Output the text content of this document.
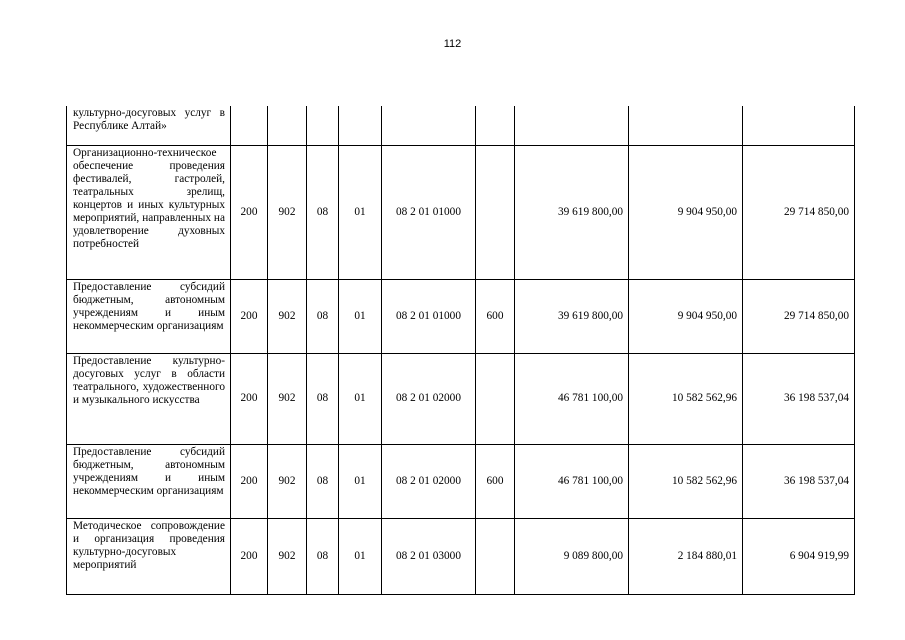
112
культурно-досуговых услуг в Республике Алтай»									
Организационно-техническое обеспечение проведения фестивалей, гастролей, театральных зрелищ, концертов и иных культурных мероприятий, направленных на удовлетворение духовных потребностей	200	902	08	01	08 2 01 01000		39 619 800,00	9 904 950,00	29 714 850,00
Предоставление субсидий бюджетным, автономным учреждениям и иным некоммерческим организациям	200	902	08	01	08 2 01 01000	600	39 619 800,00	9 904 950,00	29 714 850,00
Предоставление культурно-досуговых услуг в области театрального, художественного и музыкального искусства	200	902	08	01	08 2 01 02000		46 781 100,00	10 582 562,96	36 198 537,04
Предоставление субсидий бюджетным, автономным учреждениям и иным некоммерческим организациям	200	902	08	01	08 2 01 02000	600	46 781 100,00	10 582 562,96	36 198 537,04
Методическое сопровождение и организация проведения культурно-досуговых мероприятий	200	902	08	01	08 2 01 03000		9 089 800,00	2 184 880,01	6 904 919,99
